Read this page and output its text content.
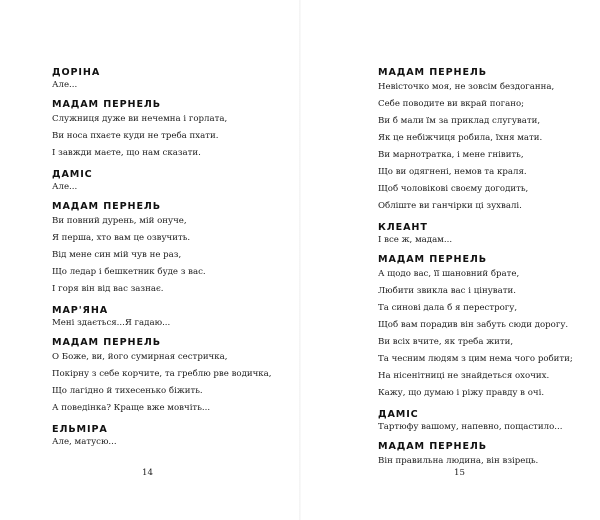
ДОРІНА
Але...
МАДАМ ПЕРНЕЛЬ
Служниця дуже ви нечемна і горлата,
Ви носа пхаєте куди не треба пхати.
І завжди маєте, що нам сказати.
ДАМІС
Але...
МАДАМ ПЕРНЕЛЬ
Ви повний дурень, мій онуче,
Я перша, хто вам це озвучить.
Від мене син мій чув не раз,
Що ледар і бешкетник буде з вас.
І горя він від вас зазнає.
МАР'ЯНА
Мені здається...Я гадаю...
МАДАМ ПЕРНЕЛЬ
О Боже, ви, його сумирная сестричка,
Покірну з себе корчите, та греблю рве водичка,
Що лагідно й тихесенько біжить.
А поведінка? Краще вже мовчіть...
ЕЛЬМІРА
Але, матусю...
14
МАДАМ ПЕРНЕЛЬ
Невісточко моя, не зовсім бездоганна,
Себе поводите ви вкрай погано;
Ви б мали їм за приклад слугувати,
Як це небіжчиця робила, їхня мати.
Ви марнотратка, і мене гнівить,
Що ви одягнені, немов та краля.
Щоб чоловікові своєму догодить,
Обліште ви ганчірки ці зухвалі.
КЛЕАНТ
І все ж, мадам...
МАДАМ ПЕРНЕЛЬ
А щодо вас, її шановний брате,
Любити звикла вас і цінувати.
Та синові дала б я перестрогу,
Щоб вам порадив він забуть сюди дорогу.
Ви всіх вчите, як треба жити,
Та чесним людям з цим нема чого робити;
На нісенітниці не знайдеться охочих.
Кажу, що думаю і ріжу правду в очі.
ДАМІС
Тартюфу вашому, напевно, пощастило...
МАДАМ ПЕРНЕЛЬ
Він правильна людина, він взірець.
15
